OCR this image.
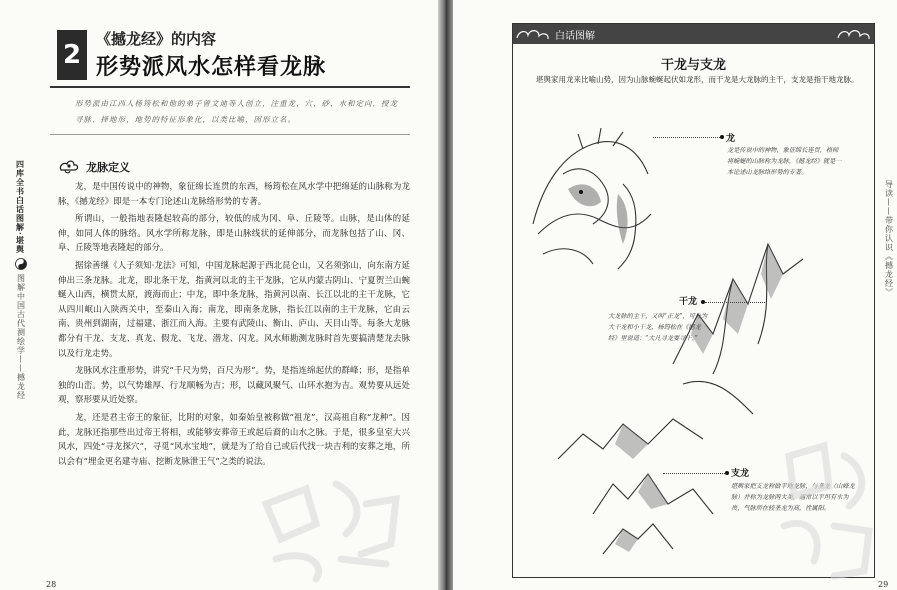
2
《撼龙经》的内容
形势派风水怎样看龙脉
形势派由江西人杨筠松和他的弟子曾文迪等人创立，注重龙、穴、砂、水和定向，授龙寻脉、择地形、地势的特征形象化，以类比喻，因形立名。
龙脉定义

龙，是中国传说中的神物，象征绵长连贯的东西，杨筠松在风水学中把绵延的山脉称为龙脉，《撼龙经》即是一本专门论述山龙脉络形势的专著。

所谓山，一般指地表隆起较高的部分，较低的成为冈、阜、丘陵等。山脉，是山体的延伸，如同人体的脉络。风水学所称龙脉，即是山脉线状的延伸部分，而龙脉包括了山、冈、阜、丘陵等地表隆起的部分。

据徐善继《人子须知·龙法》可知，中国龙脉起源于西北昆仑山，又名须弥山，向东南方延伸出三条龙脉。北龙，即北条干龙，指黄河以北的主干龙脉，它从内蒙古阴山、宁夏贺兰山蜿蜒入山西，横贯太原，渡海而止；中龙，即中条龙脉，指黄河以南、长江以北的主干龙脉，它从四川岷山入陕西关中，至秦山入海；南龙，即南条龙脉，指长江以南的主干龙脉，它由云南、贵州到湖南，过福建、浙江而入海。主要有武陵山、衡山、庐山、天目山等。每条大龙脉都分有干龙、支龙、真龙、假龙、飞龙、潜龙、闪龙。风水师勘测龙脉时首先要搞清楚龙去脉以及行龙走势。

龙脉风水注重形势，讲究“千尺为势，百尺为形”。势，是指连绵起伏的群峰；形，是指单独的山峦。势，以气势雄厚、行龙顺畅为吉；形，以藏风聚气、山环水抱为吉。观势要从远处观，察形要从近处察。

龙，还是君主帝王的象征，比附的对象，如秦始皇被称做“祖龙”，汉高祖自称“龙种”。因此，龙脉还指那些出过帝王将相，或能够安葬帝王或起后裔的山水之脉。于是，很多皇室大兴风水，四处“寻龙探穴”，寻觅“风水宝地”，就是为了给自己或后代找一块吉利的安葬之地，所以会有“埋金更名建寺庙、挖断龙脉泄王气”之类的说法。

四库全书白话图解·堪舆
图解中国古代测绘学——撼龙经
28
白话图解
干龙与支龙
堪舆家用龙来比喻山势，因为山脉蜿蜒起伏如龙形，而干龙是大龙脉的主干，支龙是指干地龙脉。
龙
龙是传说中的神物，象征绵长连贯，格师将蜿蜒的山脉称为龙脉，《撼龙经》就是一本论述山龙脉络形势的专著。
干龙
大龙脉的主干，又叫“正龙”，可分为大干龙和小干龙，杨筠松在《撼龙经》里说道：“大凡寻龙要寻干。”
支龙
堪舆家把支龙称做平地龙脉，与垄龙（山峰龙脉）并称为龙脉两大类，通常以平坦有水为贵，气脉所在较垄龙为高，性属阳。
导读——带你认识《撼龙经》
29
